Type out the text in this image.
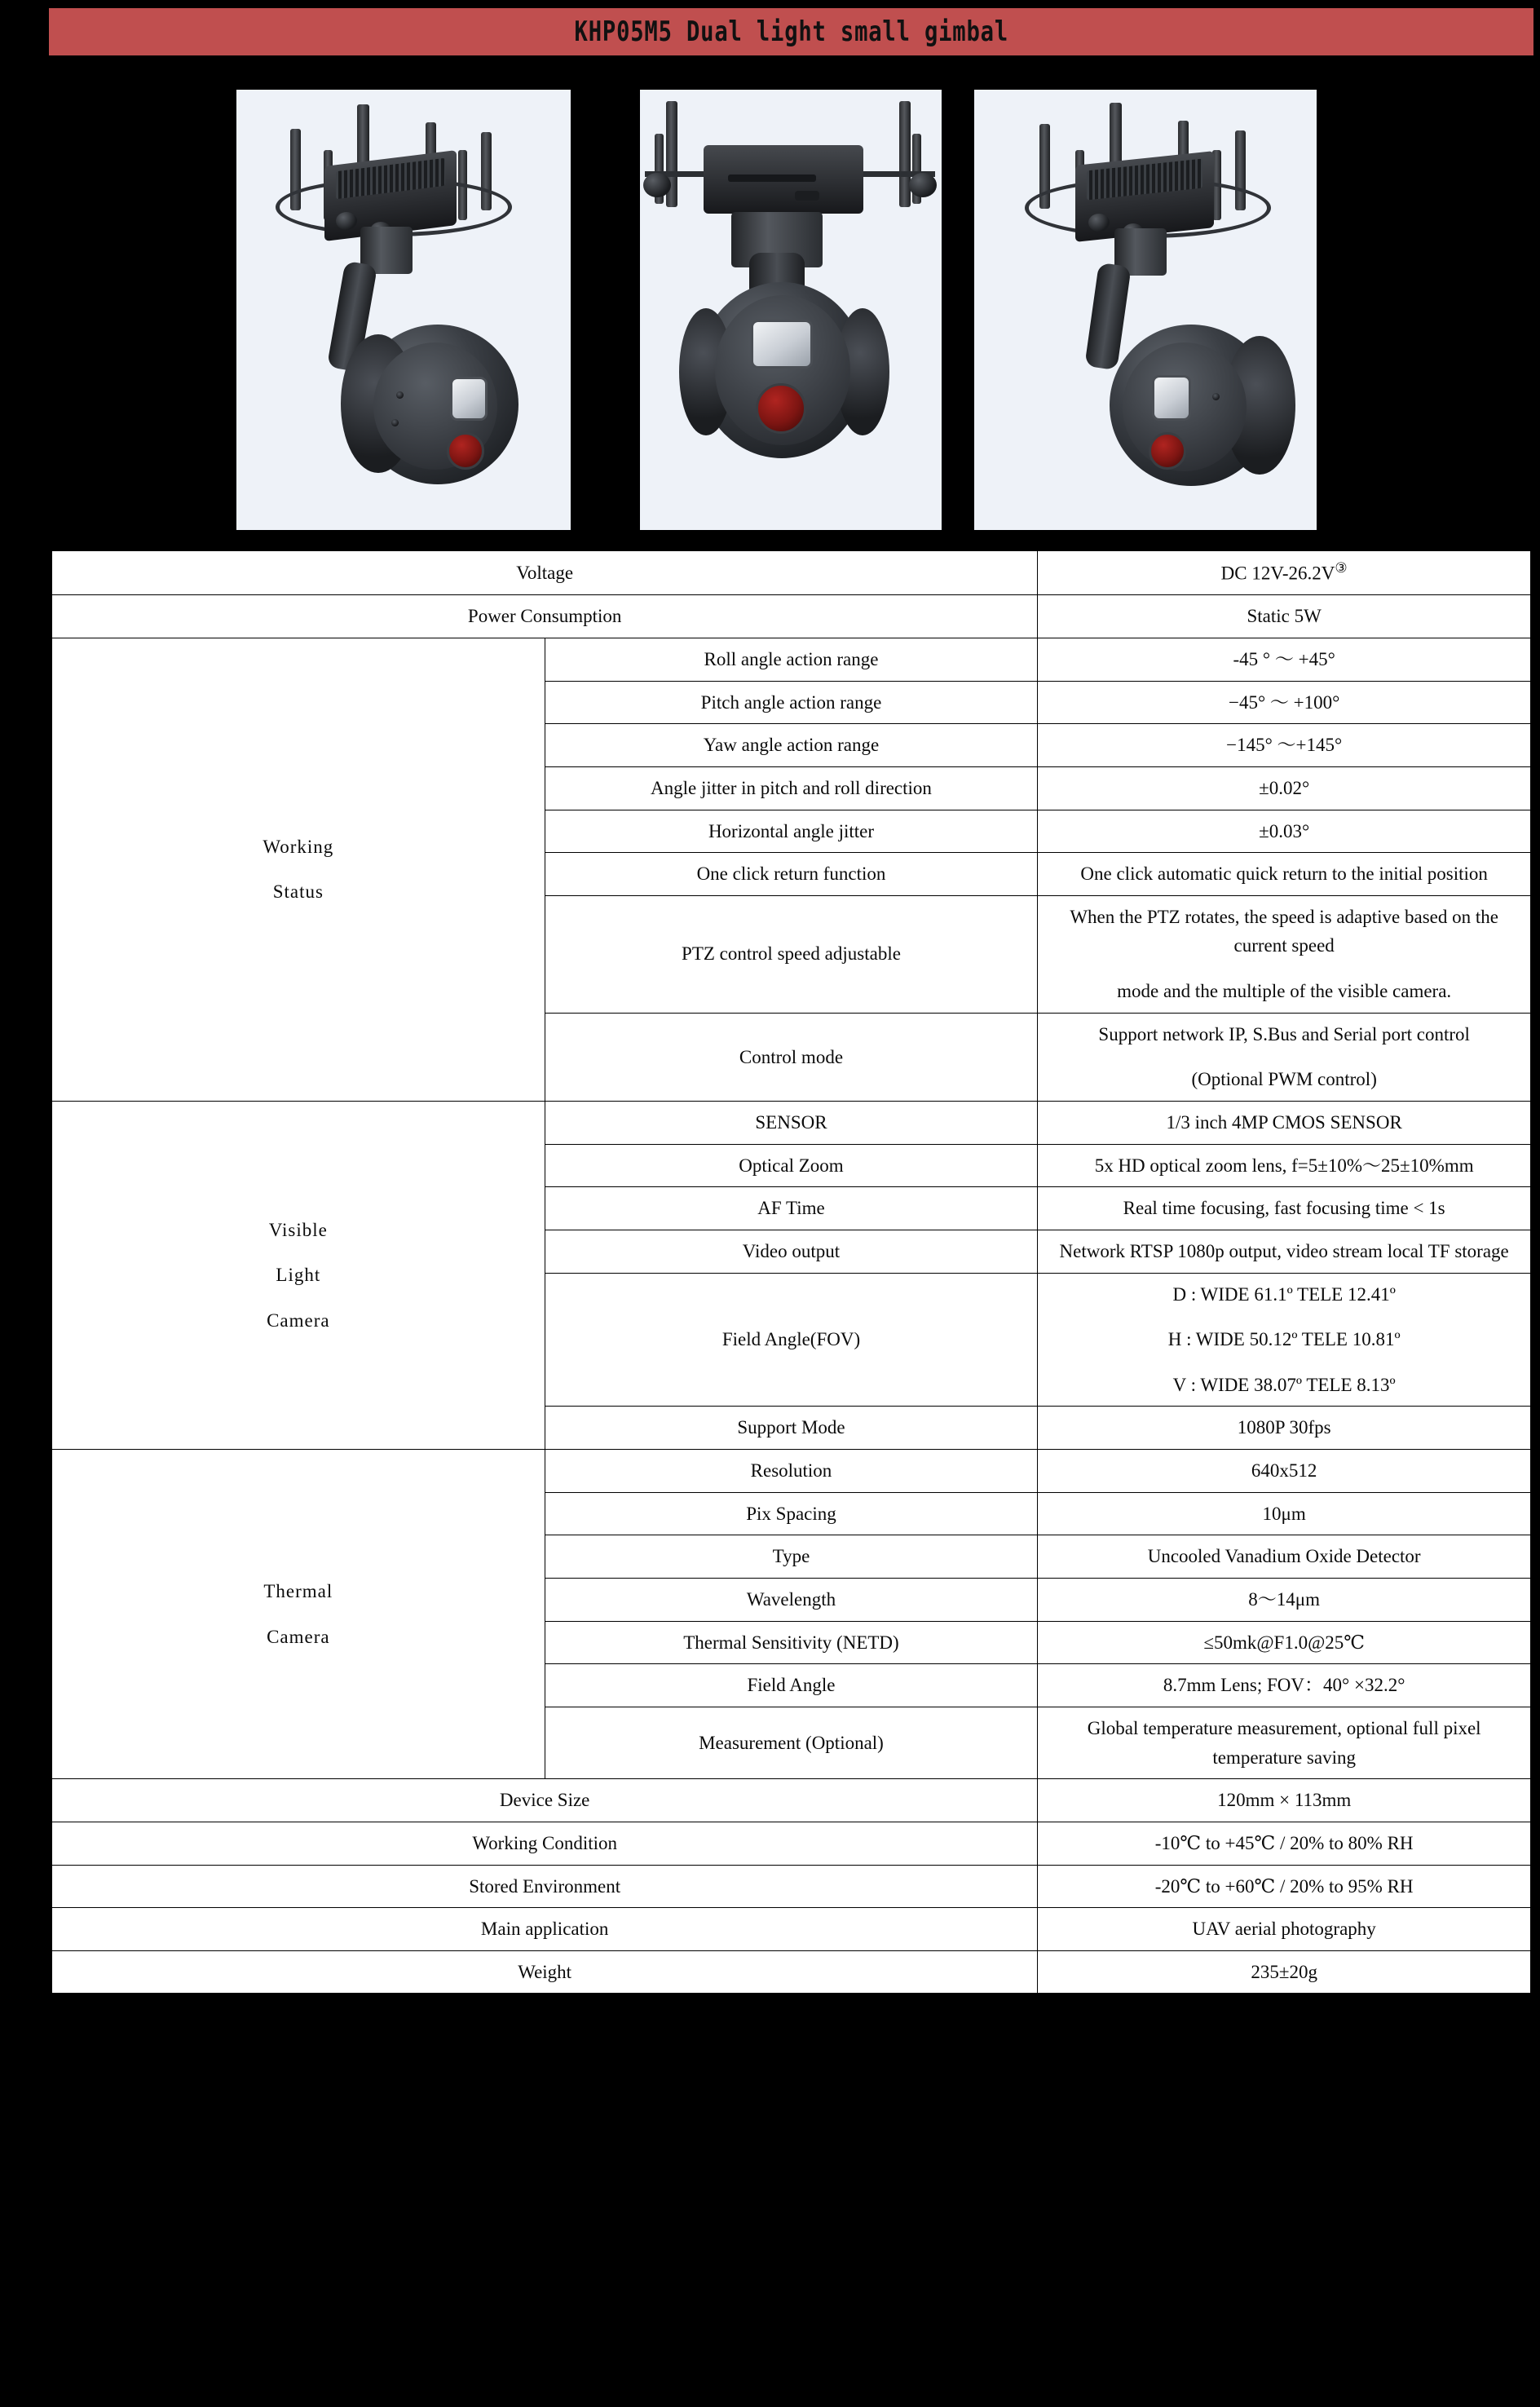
KHP05M5 Dual light small gimbal
Voltage		DC 12V-26.2V③
Power Consumption		Static 5W

Working
Status	Roll angle action range	-45 ° ～ +45°
	Pitch angle action range	−45° ～ +100°
	Yaw angle action range	−145° ～+145°
	Angle jitter in pitch and roll direction	±0.02°
	Horizontal angle jitter	±0.03°
	One click return function	One click automatic quick return to the initial position
	PTZ control speed adjustable	When the PTZ rotates, the speed is adaptive based on the current speed
mode and the multiple of the visible camera.

	Control mode	Support network IP, S.Bus and Serial port control
(Optional PWM control)

Visible
Light
Camera	SENSOR	1/3 inch 4MP CMOS SENSOR
	Optical Zoom	5x HD optical zoom lens, f=5±10%～25±10%mm
	AF Time	Real time focusing, fast focusing time < 1s
	Video output	Network RTSP 1080p output, video stream local TF storage
	Field Angle(FOV)	D : WIDE 61.1º TELE 12.41º
H : WIDE 50.12º TELE 10.81º
V : WIDE 38.07º TELE 8.13º

	Support Mode	1080P 30fps

Thermal
Camera	Resolution	640x512
	Pix Spacing	10μm
	Type	Uncooled Vanadium Oxide Detector
	Wavelength	8～14μm
	Thermal Sensitivity (NETD)	≤50mk@F1.0@25℃
	Field Angle	8.7mm Lens; FOV：40° ×32.2°
	Measurement (Optional)	Global temperature measurement, optional full pixel temperature saving
Device Size		120mm × 113mm
Working Condition		-10℃ to +45℃ / 20% to 80% RH
Stored Environment		-20℃ to +60℃ / 20% to 95% RH
Main application		UAV aerial photography
Weight		235±20g
